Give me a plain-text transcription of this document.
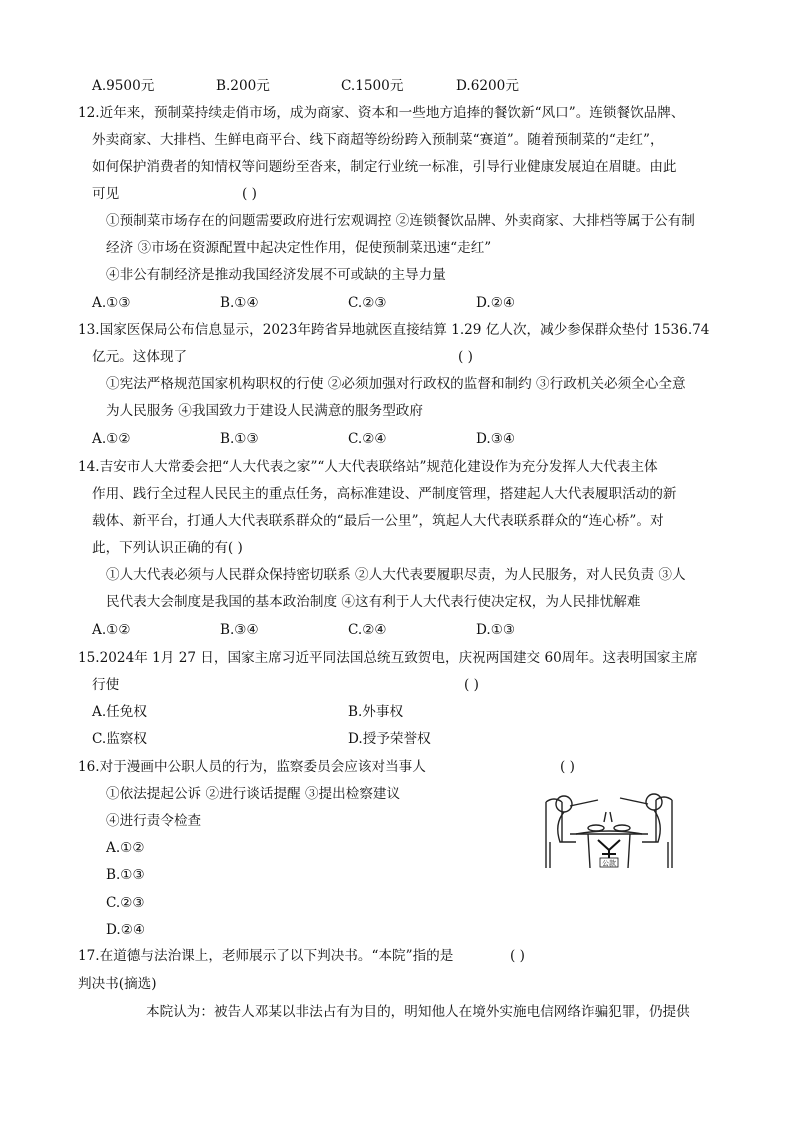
A.9500元	B.200元	C.1500元	D.6200元
12.近年来，预制菜持续走俏市场，成为商家、资本和一些地方追捧的餐饮新“风口”。连锁餐饮品牌、
外卖商家、大排档、生鲜电商平台、线下商超等纷纷跨入预制菜“赛道”。随着预制菜的“走红”，
如何保护消费者的知情权等问题纷至沓来，制定行业统一标准，引导行业健康发展迫在眉睫。由此
可见	( )
①预制菜市场存在的问题需要政府进行宏观调控 ②连锁餐饮品牌、外卖商家、大排档等属于公有制
经济 ③市场在资源配置中起决定性作用，促使预制菜迅速“走红”
④非公有制经济是推动我国经济发展不可或缺的主导力量
A.①③	B.①④	C.②③	D.②④
13.国家医保局公布信息显示，2023年跨省异地就医直接结算 1.29 亿人次，减少参保群众垫付 1536.74
亿元。这体现了	( )
①宪法严格规范国家机构职权的行使 ②必须加强对行政权的监督和制约 ③行政机关必须全心全意
为人民服务 ④我国致力于建设人民满意的服务型政府
A.①②	B.①③	C.②④	D.③④
14.吉安市人大常委会把“人大代表之家”“人大代表联络站”规范化建设作为充分发挥人大代表主体
作用、践行全过程人民民主的重点任务，高标准建设、严制度管理，搭建起人大代表履职活动的新
载体、新平台，打通人大代表联系群众的“最后一公里”，筑起人大代表联系群众的“连心桥”。对
此，下列认识正确的有( )
①人大代表必须与人民群众保持密切联系 ②人大代表要履职尽责，为人民服务，对人民负责 ③人
民代表大会制度是我国的基本政治制度 ④这有利于人大代表行使决定权，为人民排忧解难
A.①②	B.③④	C.②④	D.①③
15.2024年 1月 27 日，国家主席习近平同法国总统互致贺电，庆祝两国建交 60周年。这表明国家主席
行使	( )
A.任免权	B.外事权
C.监察权	D.授予荣誉权
16.对于漫画中公职人员的行为，监察委员会应该对当事人	( )
①依法提起公诉 ②进行谈话提醒 ③提出检察建议
④进行责令检查
A.①②
B.①③
C.②③
D.②④
公款
17.在道德与法治课上，老师展示了以下判决书。“本院”指的是	( )
判决书(摘选)
本院认为：被告人邓某以非法占有为目的，明知他人在境外实施电信网络诈骗犯罪，仍提供
